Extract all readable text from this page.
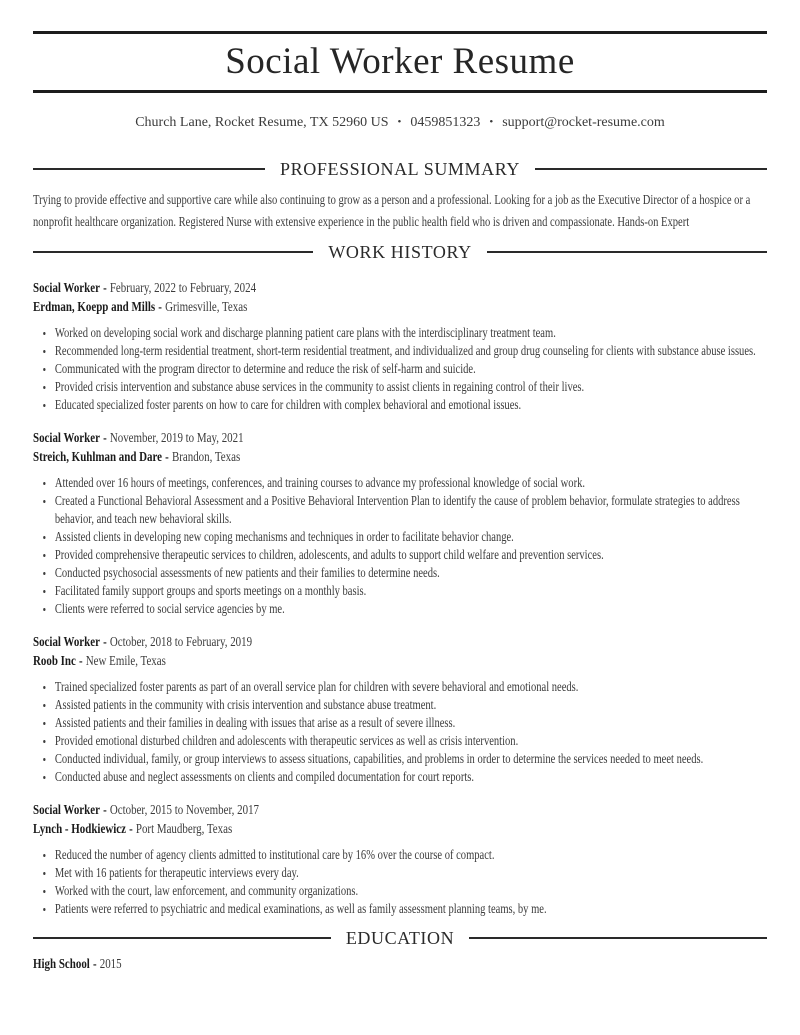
Social Worker Resume
Church Lane, Rocket Resume, TX 52960 US • 0459851323 • support@rocket-resume.com
PROFESSIONAL SUMMARY

Trying to provide effective and supportive care while also continuing to grow as a person and a professional. Looking for a job as the Executive Director of a hospice or a nonprofit healthcare organization. Registered Nurse with extensive experience in the public health field who is driven and compassionate. Hands-on Expert

WORK HISTORY
Social Worker - February, 2022 to February, 2024
Erdman, Koepp and Mills - Grimesville, Texas
• Worked on developing social work and discharge planning patient care plans with the interdisciplinary treatment team.
• Recommended long-term residential treatment, short-term residential treatment, and individualized and group drug counseling for clients with substance abuse issues.
• Communicated with the program director to determine and reduce the risk of self-harm and suicide.
• Provided crisis intervention and substance abuse services in the community to assist clients in regaining control of their lives.
• Educated specialized foster parents on how to care for children with complex behavioral and emotional issues.
Social Worker - November, 2019 to May, 2021
Streich, Kuhlman and Dare - Brandon, Texas
• Attended over 16 hours of meetings, conferences, and training courses to advance my professional knowledge of social work.
• Created a Functional Behavioral Assessment and a Positive Behavioral Intervention Plan to identify the cause of problem behavior, formulate strategies to address behavior, and teach new behavioral skills.
• Assisted clients in developing new coping mechanisms and techniques in order to facilitate behavior change.
• Provided comprehensive therapeutic services to children, adolescents, and adults to support child welfare and prevention services.
• Conducted psychosocial assessments of new patients and their families to determine needs.
• Facilitated family support groups and sports meetings on a monthly basis.
• Clients were referred to social service agencies by me.
Social Worker - October, 2018 to February, 2019
Roob Inc - New Emile, Texas
• Trained specialized foster parents as part of an overall service plan for children with severe behavioral and emotional needs.
• Assisted patients in the community with crisis intervention and substance abuse treatment.
• Assisted patients and their families in dealing with issues that arise as a result of severe illness.
• Provided emotional disturbed children and adolescents with therapeutic services as well as crisis intervention.
• Conducted individual, family, or group interviews to assess situations, capabilities, and problems in order to determine the services needed to meet needs.
• Conducted abuse and neglect assessments on clients and compiled documentation for court reports.
Social Worker - October, 2015 to November, 2017
Lynch - Hodkiewicz - Port Maudberg, Texas
• Reduced the number of agency clients admitted to institutional care by 16% over the course of compact.
• Met with 16 patients for therapeutic interviews every day.
• Worked with the court, law enforcement, and community organizations.
• Patients were referred to psychiatric and medical examinations, as well as family assessment planning teams, by me.
EDUCATION
High School - 2015
